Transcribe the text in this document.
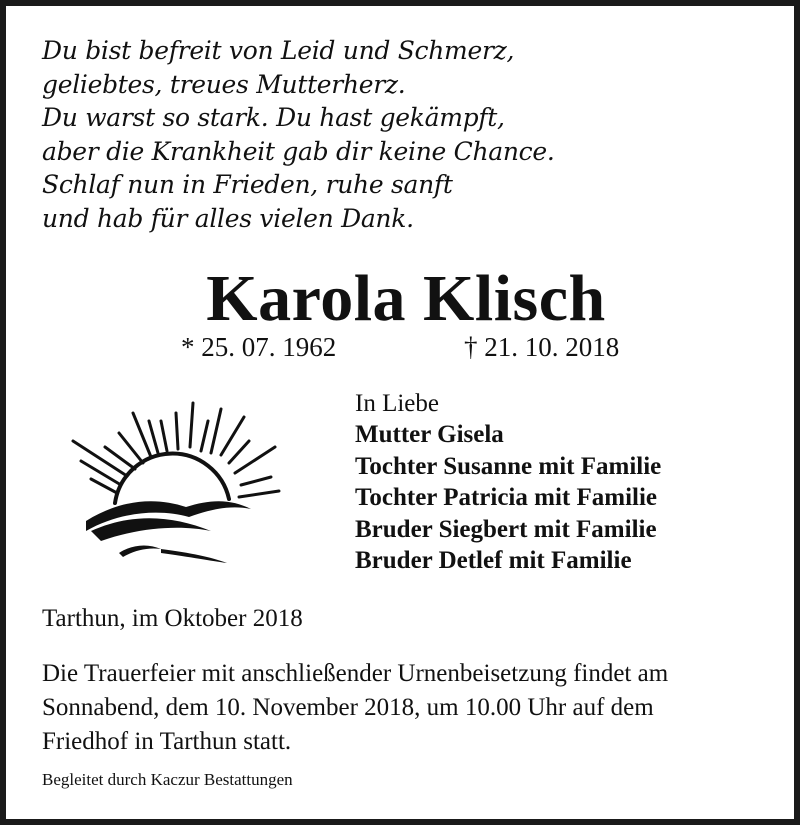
Du bist befreit von Leid und Schmerz,
geliebtes, treues Mutterherz.
Du warst so stark. Du hast gekämpft,
aber die Krankheit gab dir keine Chance.
Schlaf nun in Frieden, ruhe sanft
und hab für alles vielen Dank.
Karola Klisch
* 25. 07. 1962	† 21. 10. 2018
In Liebe
Mutter Gisela
Tochter Susanne mit Familie
Tochter Patricia mit Familie
Bruder Siegbert mit Familie
Bruder Detlef mit Familie
Tarthun, im Oktober 2018
Die Trauerfeier mit anschließender Urnenbeisetzung findet am
Sonnabend, dem 10. November 2018, um 10.00 Uhr auf dem
Friedhof in Tarthun statt.
Begleitet durch Kaczur Bestattungen
